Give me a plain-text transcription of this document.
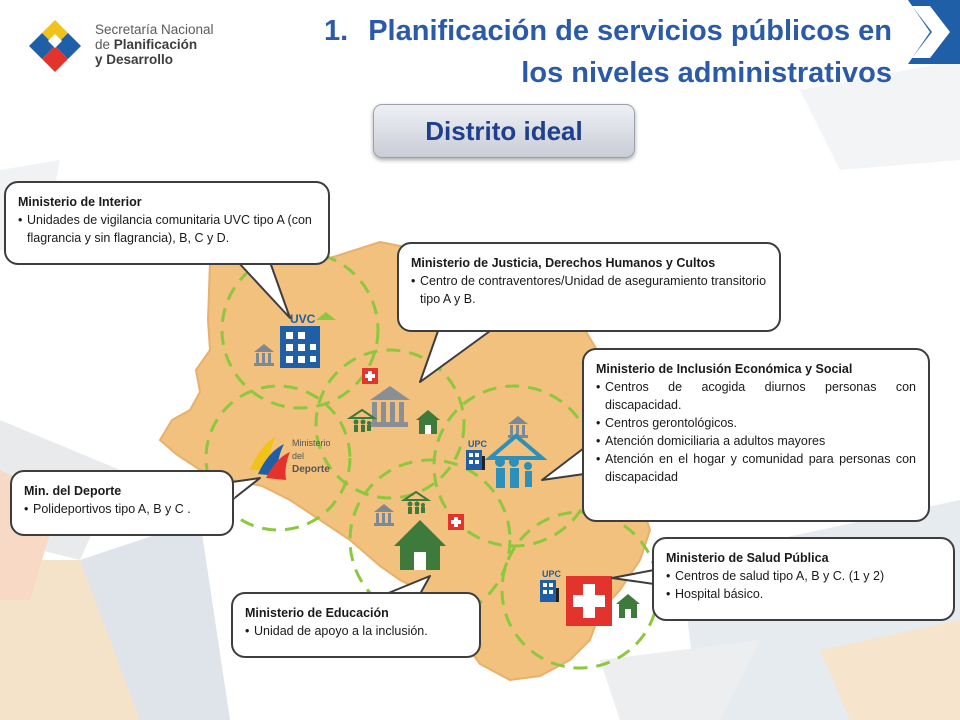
Secretaría Nacional
de Planificación
y Desarrollo
1. Planificación de servicios públicos en
los niveles administrativos
Distrito ideal
UVC
UPC
UPC
Ministerio
del
Deporte
Ministerio de Interior
• Unidades de vigilancia comunitaria UVC tipo A (con flagrancia y sin flagrancia), B, C y D.
Ministerio de Justicia, Derechos Humanos y Cultos
• Centro de contraventores/Unidad de aseguramiento transitorio tipo A y B.
Ministerio de Inclusión Económica y Social
• Centros de acogida diurnos personas con discapacidad.
• Centros gerontológicos.
• Atención domiciliaria a adultos mayores
• Atención en el hogar y comunidad para personas con discapacidad
Min. del Deporte
• Polideportivos tipo A, B y C .
Ministerio de Salud Pública
• Centros de salud tipo A, B y C. (1 y 2)
• Hospital básico.
Ministerio de Educación
• Unidad de apoyo a la inclusión.
